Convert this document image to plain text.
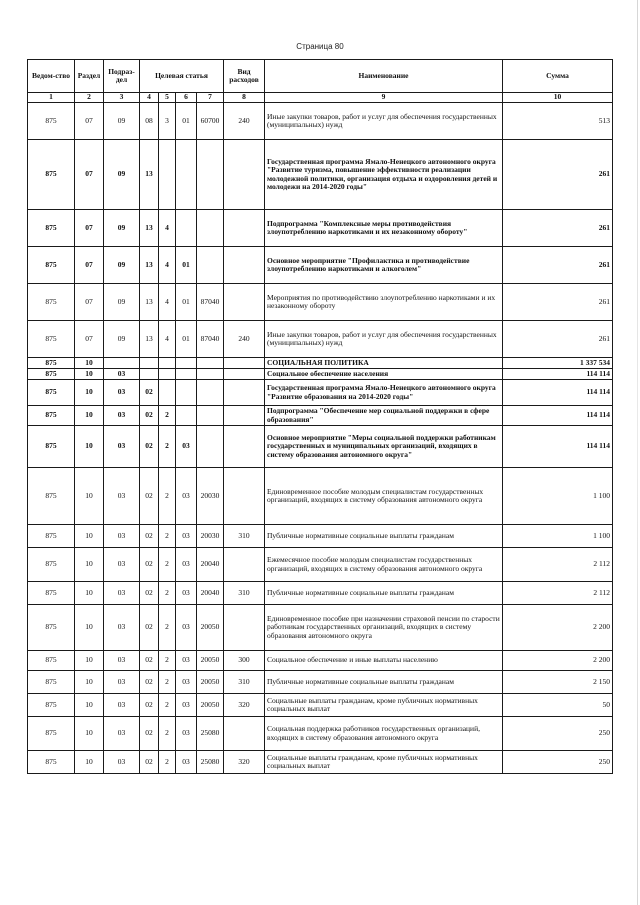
Страница 80
Ведом-ство	Раздел	Подраз-дел	Целевая статья				Вид расходов	Наименование	Сумма
1	2	3	4	5	6	7	8	9	10
875	07	09	08	3	01	60700	240	Иные закупки товаров, работ и услуг для обеспечения государственных (муниципальных) нужд	513
875	07	09	13					Государственная программа Ямало-Ненецкого автономного округа "Развитие туризма, повышение эффективности реализации молодежной политики, организация отдыха и оздоровления детей и молодежи на 2014-2020 годы"	261
875	07	09	13	4				Подпрограмма "Комплексные меры противодействия злоупотреблению наркотиками и их незаконному обороту"	261
875	07	09	13	4	01			Основное мероприятие "Профилактика и противодействие злоупотреблению наркотиками и алкоголем"	261
875	07	09	13	4	01	87040		Мероприятия по противодействию злоупотреблению наркотиками и их незаконному обороту	261
875	07	09	13	4	01	87040	240	Иные закупки товаров, работ и услуг для обеспечения государственных (муниципальных) нужд	261
875	10							СОЦИАЛЬНАЯ ПОЛИТИКА	1 337 534
875	10	03						Социальное обеспечение населения	114 114
875	10	03	02					Государственная программа Ямало-Ненецкого автономного округа "Развитие образования на 2014-2020 годы"	114 114
875	10	03	02	2				Подпрограмма "Обеспечение мер социальной поддержки в сфере образования"	114 114
875	10	03	02	2	03			Основное мероприятие "Меры социальной поддержки работникам государственных и муниципальных организаций, входящих в систему образования автономного округа"	114 114
875	10	03	02	2	03	20030		Единовременное пособие молодым специалистам государственных организаций, входящих в систему образования автономного округа	1 100
875	10	03	02	2	03	20030	310	Публичные нормативные социальные выплаты гражданам	1 100
875	10	03	02	2	03	20040		Ежемесячное пособие молодым специалистам государственных организаций, входящих в систему образования автономного округа	2 112
875	10	03	02	2	03	20040	310	Публичные нормативные социальные выплаты гражданам	2 112
875	10	03	02	2	03	20050		Единовременное пособие при назначении страховой пенсии по старости работникам государственных организаций, входящих в систему образования автономного округа	2 200
875	10	03	02	2	03	20050	300	Социальное обеспечение и иные выплаты населению	2 200
875	10	03	02	2	03	20050	310	Публичные нормативные социальные выплаты гражданам	2 150
875	10	03	02	2	03	20050	320	Социальные выплаты гражданам, кроме публичных нормативных социальных выплат	50
875	10	03	02	2	03	25080		Социальная поддержка работников государственных организаций, входящих в систему образования автономного округа	250
875	10	03	02	2	03	25080	320	Социальные выплаты гражданам, кроме публичных нормативных социальных выплат	250
